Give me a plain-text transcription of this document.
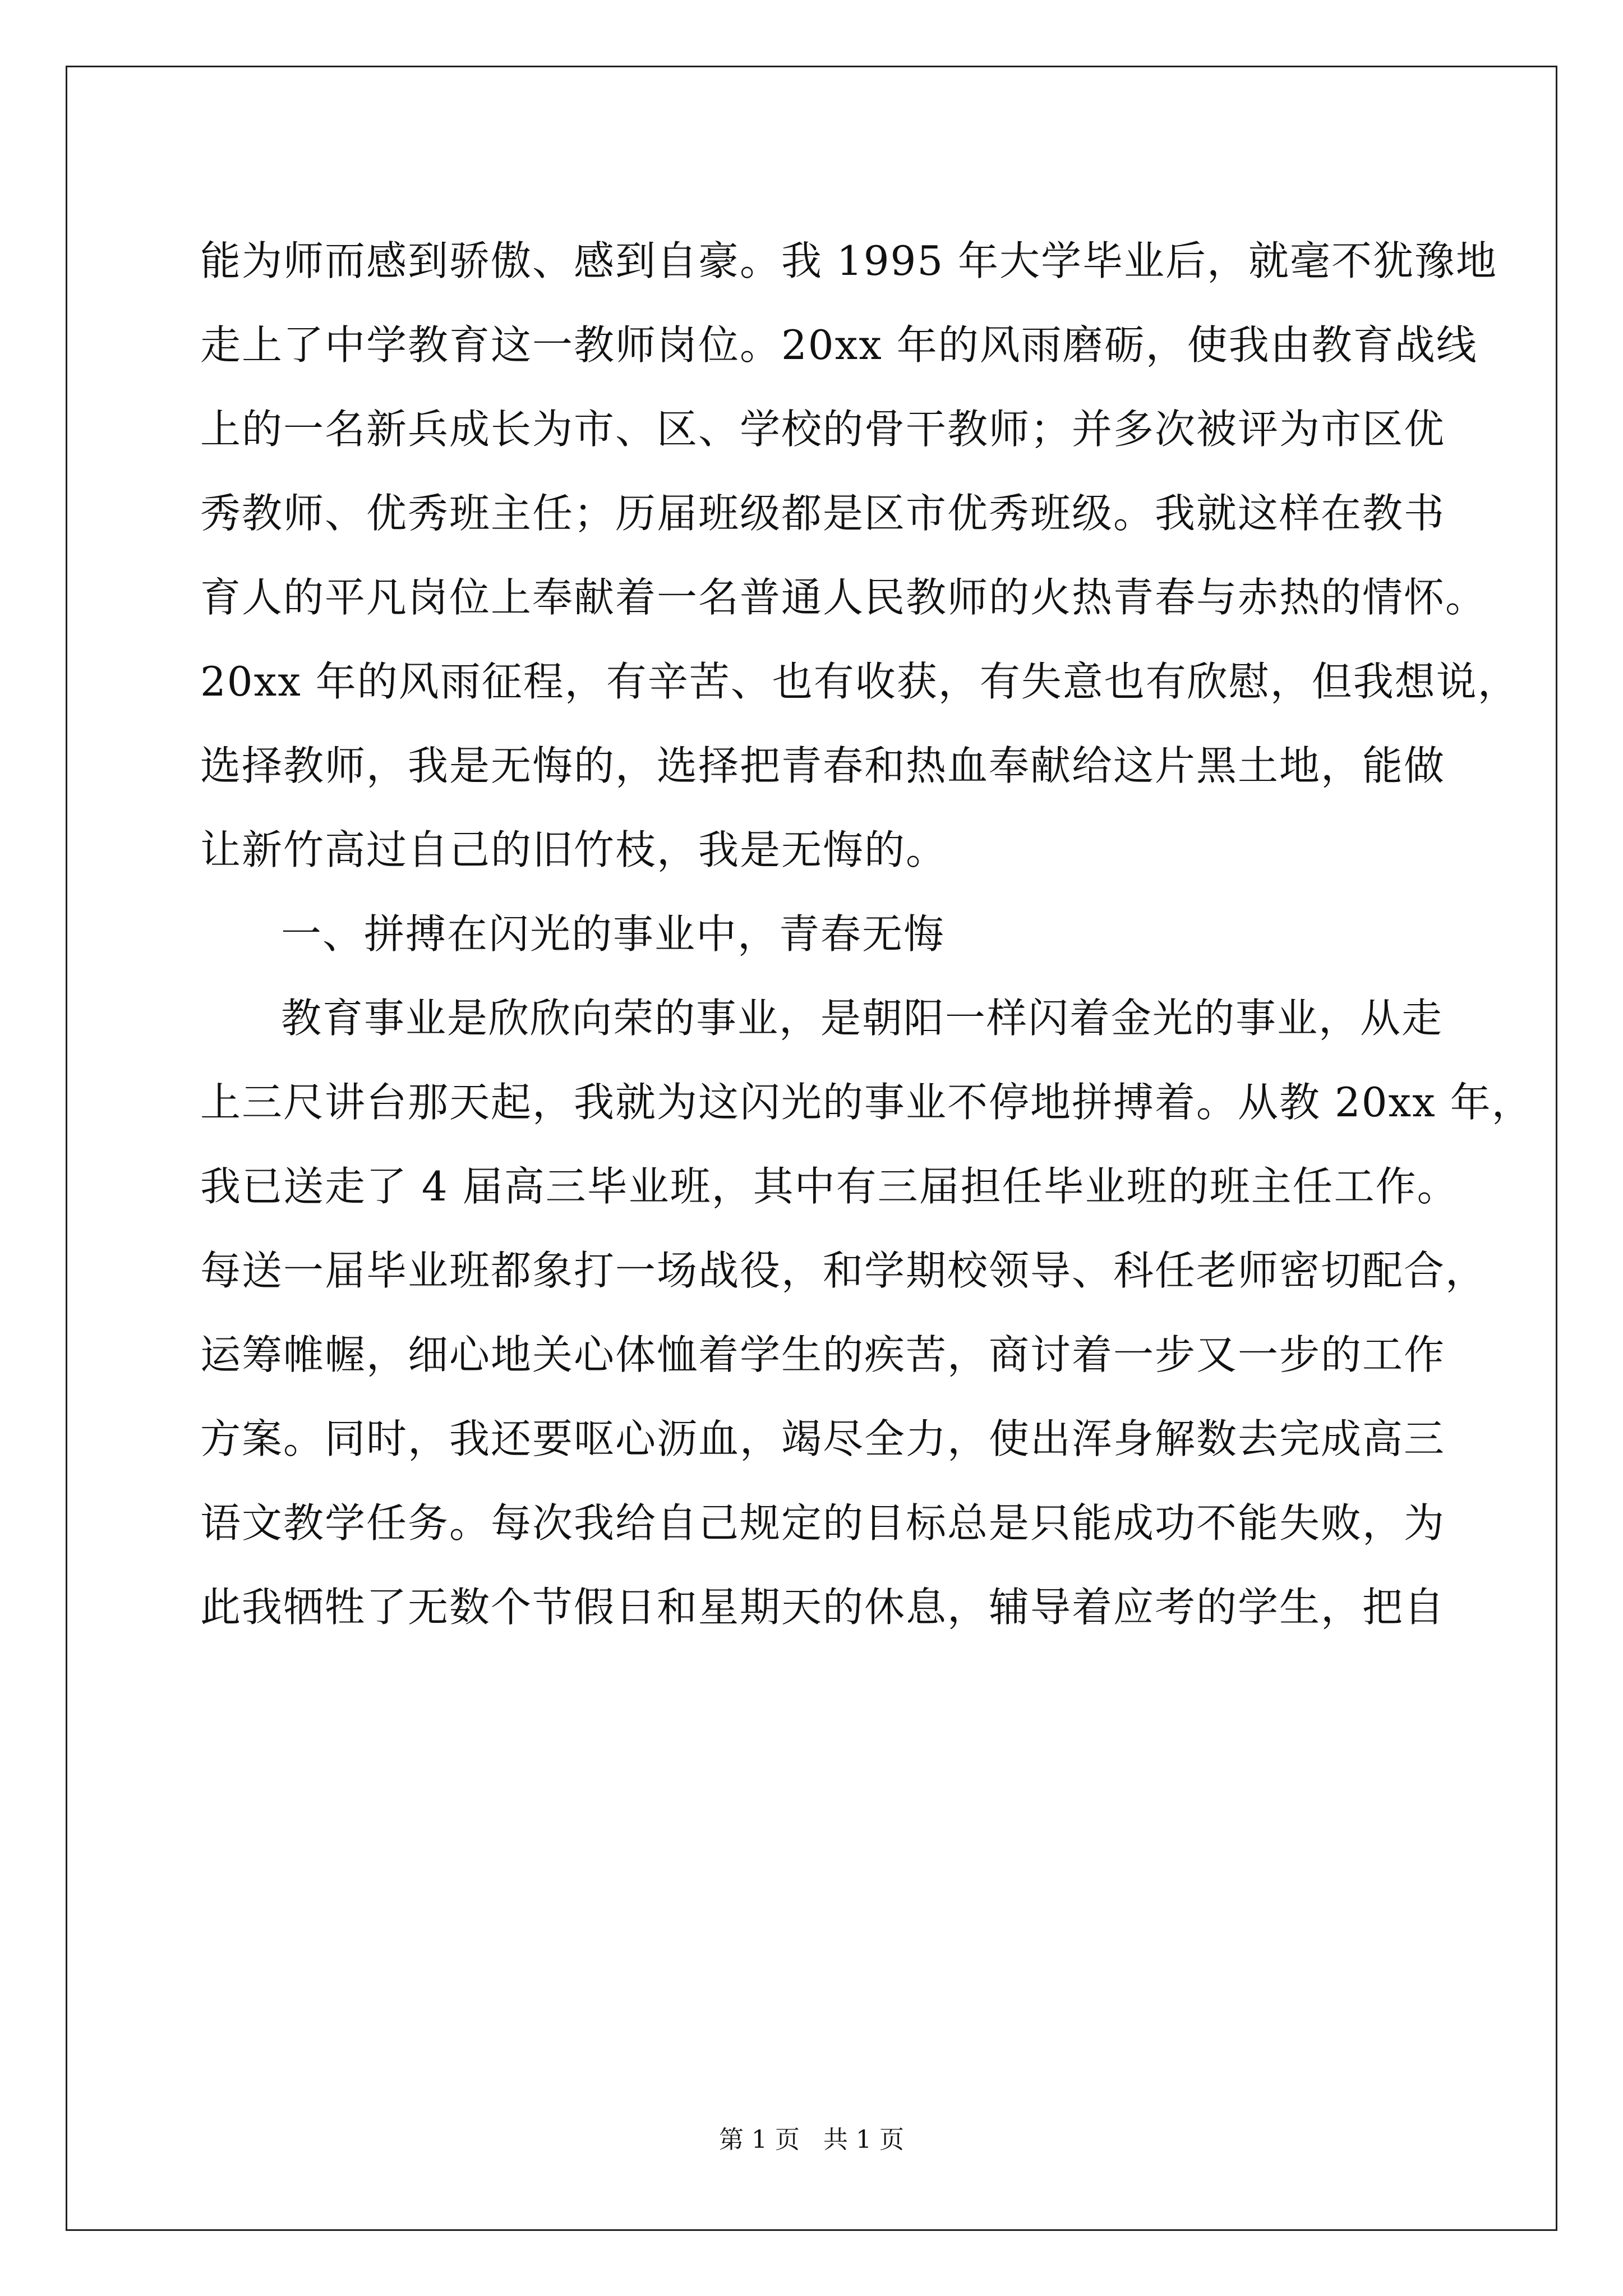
能为师而感到骄傲、感到自豪。我 1995 年大学毕业后，就毫不犹豫地
走上了中学教育这一教师岗位。20xx 年的风雨磨砺，使我由教育战线
上的一名新兵成长为市、区、学校的骨干教师；并多次被评为市区优
秀教师、优秀班主任；历届班级都是区市优秀班级。我就这样在教书
育人的平凡岗位上奉献着一名普通人民教师的火热青春与赤热的情怀。
20xx 年的风雨征程，有辛苦、也有收获，有失意也有欣慰，但我想说，
选择教师，我是无悔的，选择把青春和热血奉献给这片黑土地，能做
让新竹高过自己的旧竹枝，我是无悔的。
一、拼搏在闪光的事业中，青春无悔
教育事业是欣欣向荣的事业，是朝阳一样闪着金光的事业，从走
上三尺讲台那天起，我就为这闪光的事业不停地拼搏着。从教 20xx 年，
我已送走了 4 届高三毕业班，其中有三届担任毕业班的班主任工作。
每送一届毕业班都象打一场战役，和学期校领导、科任老师密切配合，
运筹帷幄，细心地关心体恤着学生的疾苦，商讨着一步又一步的工作
方案。同时，我还要呕心沥血，竭尽全力，使出浑身解数去完成高三
语文教学任务。每次我给自己规定的目标总是只能成功不能失败，为
此我牺牲了无数个节假日和星期天的休息，辅导着应考的学生，把自
第 1 页 共 1 页
